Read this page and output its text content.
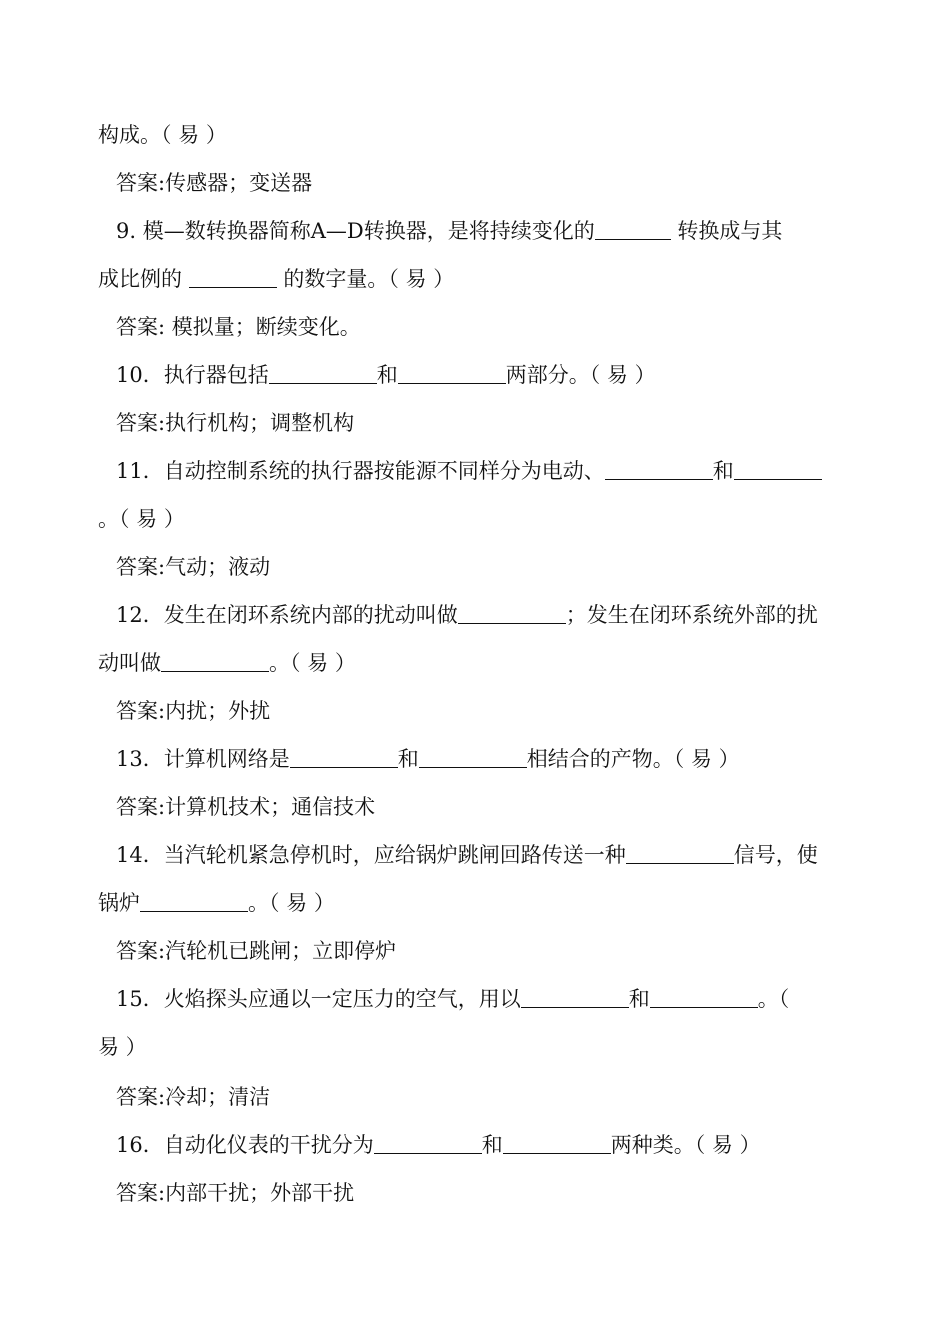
构成。（ 易 ）
答案:传感器；变送器
9. 模—数转换器简称A—D转换器，是将持续变化的	转换成与其
成比例的	的数字量。（ 易 ）
答案: 模拟量；断续变化。
10．执行器包括	和	两部分。（ 易 ）
答案:执行机构；调整机构
11．自动控制系统的执行器按能源不同样分为电动、	和
。（ 易 ）
答案:气动；液动
12．发生在闭环系统内部的扰动叫做	；发生在闭环系统外部的扰
动叫做	。（ 易 ）
答案:内扰；外扰
13．计算机网络是	和	相结合的产物。（ 易 ）
答案:计算机技术；通信技术
14．当汽轮机紧急停机时，应给锅炉跳闸回路传送一种	信号，使
锅炉	。（ 易 ）
答案:汽轮机已跳闸；立即停炉
15．火焰探头应通以一定压力的空气，用以	和	。（
易 ）
答案:冷却；清洁
16．自动化仪表的干扰分为	和	两种类。（ 易 ）
答案:内部干扰；外部干扰
